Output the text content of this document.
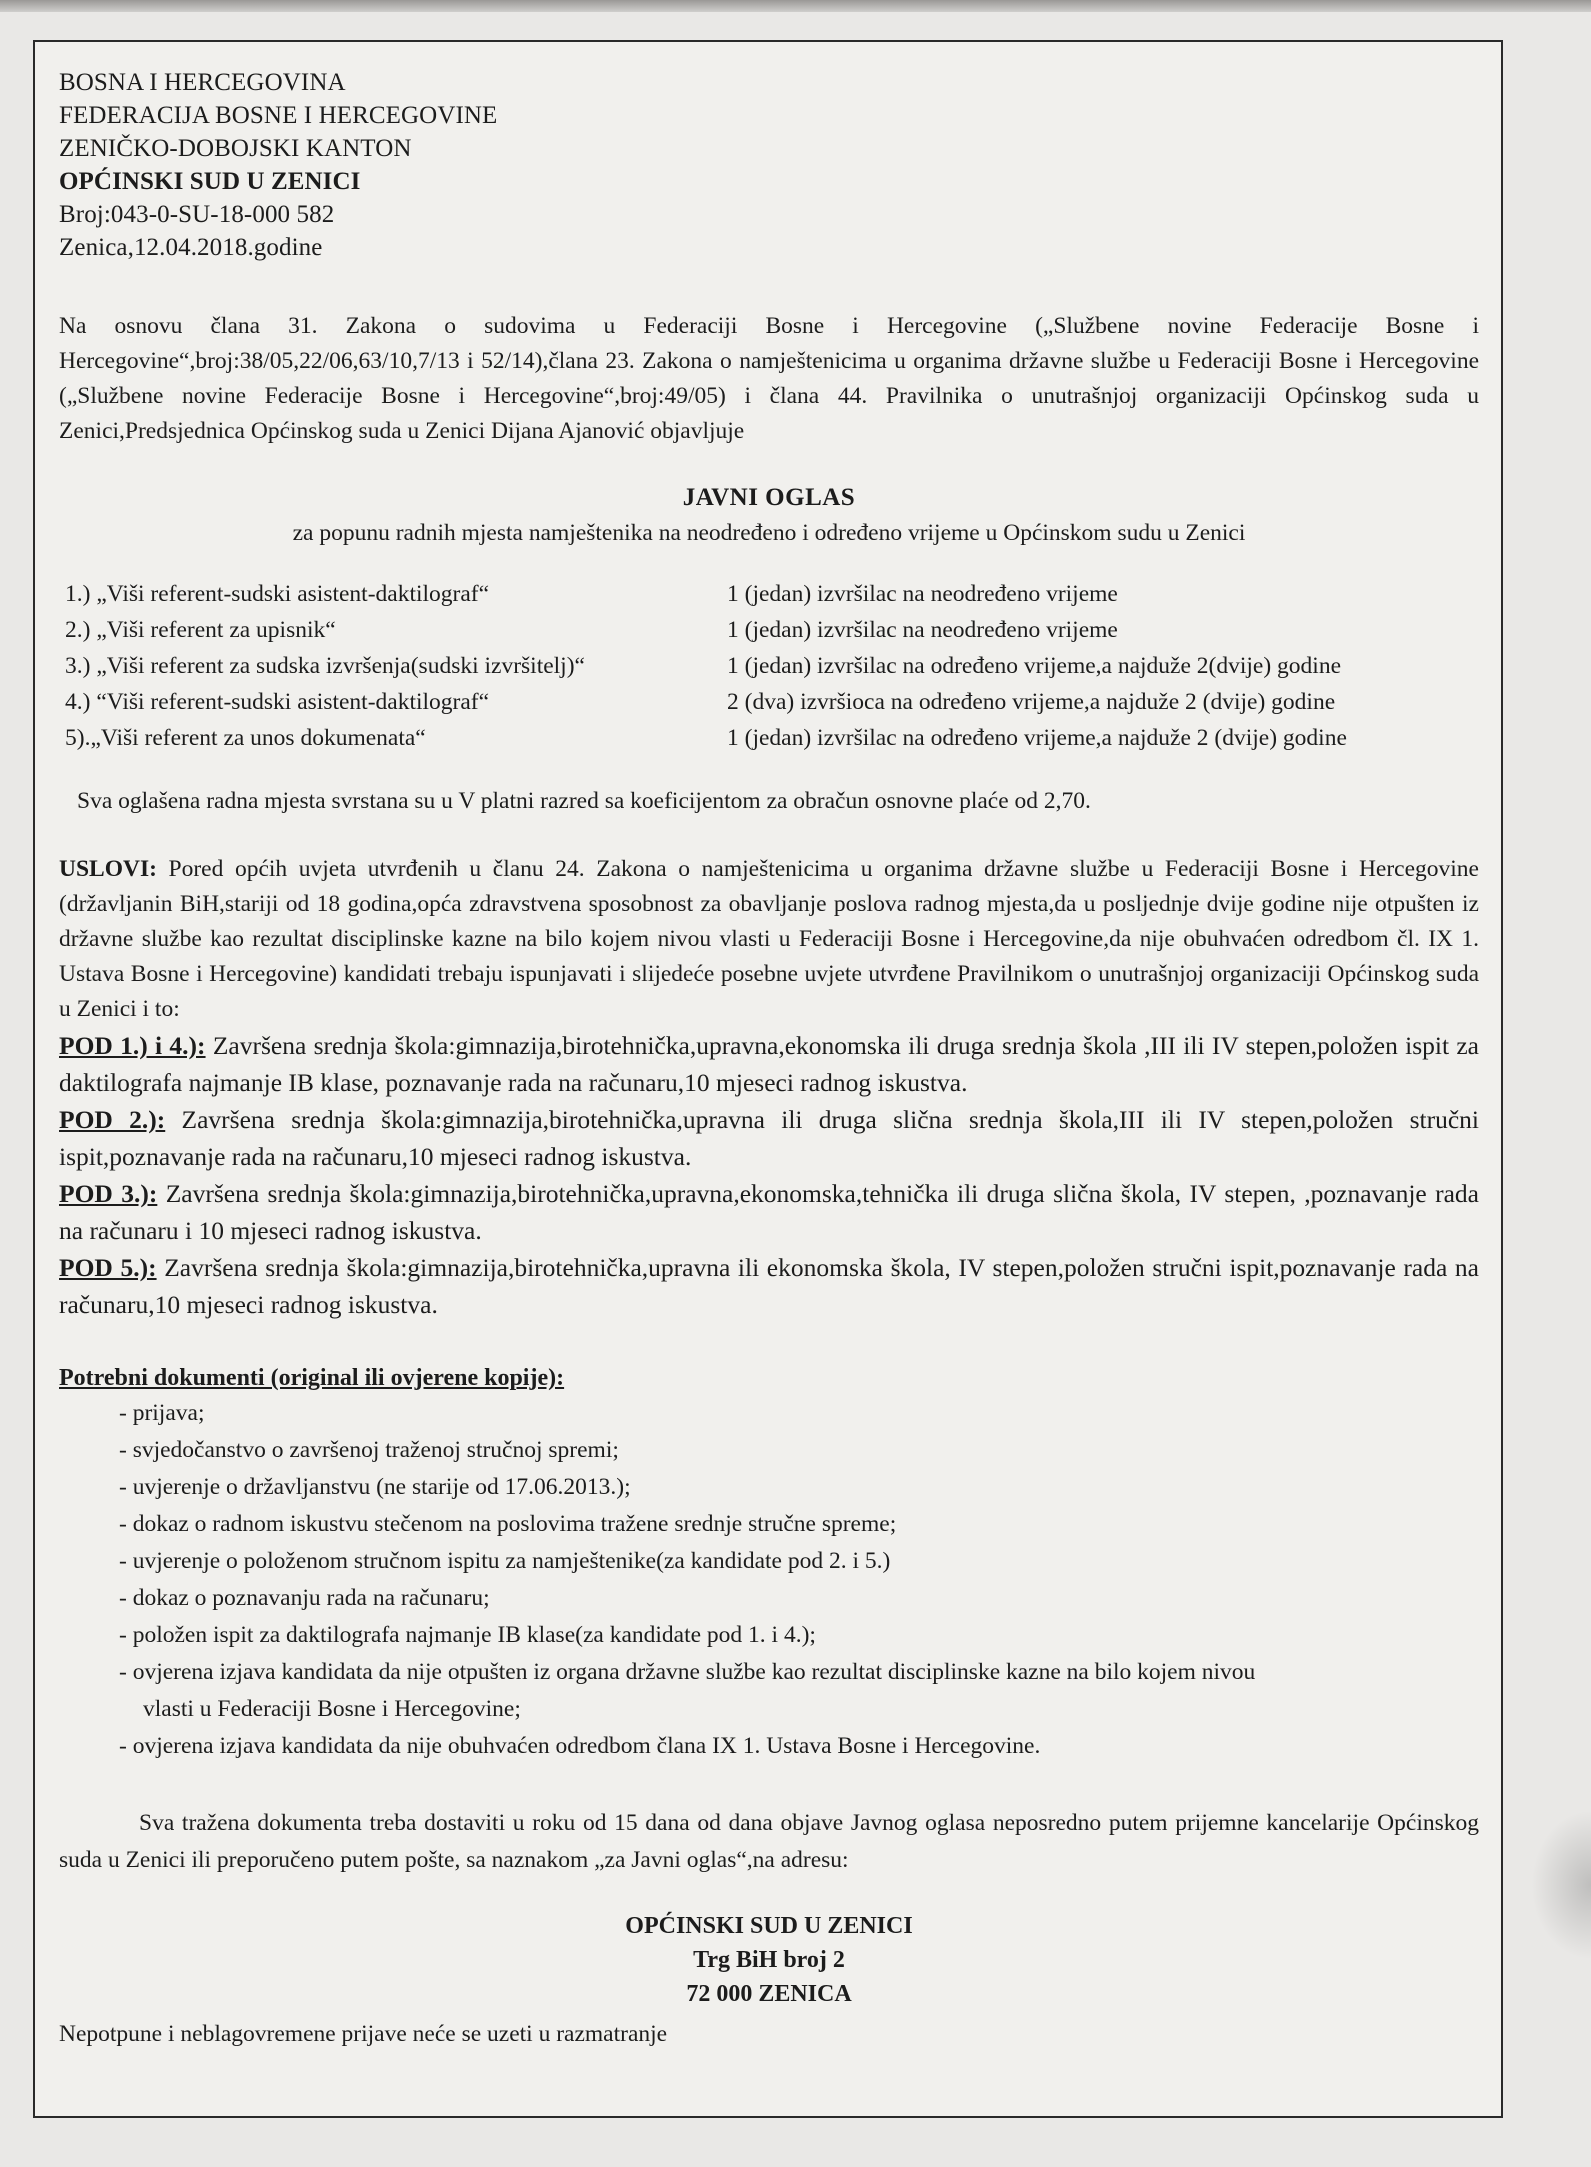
BOSNA I HERCEGOVINA
FEDERACIJA BOSNE I HERCEGOVINE
ZENIČKO-DOBOJSKI KANTON
OPĆINSKI SUD U ZENICI
Broj:043-0-SU-18-000 582
Zenica,12.04.2018.godine

Na osnovu člana 31. Zakona o sudovima u Federaciji Bosne i Hercegovine („Službene novine Federacije Bosne i Hercegovine“,broj:38/05,22/06,63/10,7/13 i 52/14),člana 23. Zakona o namještenicima u organima državne službe u Federaciji Bosne i Hercegovine („Službene novine Federacije Bosne i Hercegovine“,broj:49/05) i člana 44. Pravilnika o unutrašnjoj organizaciji Općinskog suda u Zenici,Predsjednica Općinskog suda u Zenici Dijana Ajanović objavljuje

JAVNI OGLAS
za popunu radnih mjesta namještenika na neodređeno i određeno vrijeme u Općinskom sudu u Zenici
1.) „Viši referent-sudski asistent-daktilograf“	1 (jedan) izvršilac na neodređeno vrijeme
2.) „Viši referent za upisnik“	1 (jedan) izvršilac na neodređeno vrijeme
3.) „Viši referent za sudska izvršenja(sudski izvršitelj)“	1 (jedan) izvršilac na određeno vrijeme,a najduže 2(dvije) godine
4.) “Viši referent-sudski asistent-daktilograf“	2 (dva) izvršioca na određeno vrijeme,a najduže 2 (dvije) godine
5).„Viši referent za unos dokumenata“	1 (jedan) izvršilac na određeno vrijeme,a najduže 2 (dvije) godine

Sva oglašena radna mjesta svrstana su u V platni razred sa koeficijentom za obračun osnovne plaće od 2,70.

USLOVI: Pored općih uvjeta utvrđenih u članu 24. Zakona o namještenicima u organima državne službe u Federaciji Bosne i Hercegovine (državljanin BiH,stariji od 18 godina,opća zdravstvena sposobnost za obavljanje poslova radnog mjesta,da u posljednje dvije godine nije otpušten iz državne službe kao rezultat disciplinske kazne na bilo kojem nivou vlasti u Federaciji Bosne i Hercegovine,da nije obuhvaćen odredbom čl. IX 1. Ustava Bosne i Hercegovine) kandidati trebaju ispunjavati i slijedeće posebne uvjete utvrđene Pravilnikom o unutrašnjoj organizaciji Općinskog suda u Zenici i to:

POD 1.) i 4.): Završena srednja škola:gimnazija,birotehnička,upravna,ekonomska ili druga srednja škola ,III ili IV stepen,položen ispit za daktilografa najmanje IB klase, poznavanje rada na računaru,10 mjeseci radnog iskustva.

POD 2.): Završena srednja škola:gimnazija,birotehnička,upravna ili druga slična srednja škola,III ili IV stepen,položen stručni ispit,poznavanje rada na računaru,10 mjeseci radnog iskustva.

POD 3.): Završena srednja škola:gimnazija,birotehnička,upravna,ekonomska,tehnička ili druga slična škola, IV stepen, ,poznavanje rada na računaru i 10 mjeseci radnog iskustva.

POD 5.): Završena srednja škola:gimnazija,birotehnička,upravna ili ekonomska škola, IV stepen,položen stručni ispit,poznavanje rada na računaru,10 mjeseci radnog iskustva.

Potrebni dokumenti (original ili ovjerene kopije):
- prijava;
- svjedočanstvo o završenoj traženoj stručnoj spremi;
- uvjerenje o državljanstvu (ne starije od 17.06.2013.);
- dokaz o radnom iskustvu stečenom na poslovima tražene srednje stručne spreme;
- uvjerenje o položenom stručnom ispitu za namještenike(za kandidate pod 2. i 5.)
- dokaz o poznavanju rada na računaru;
- položen ispit za daktilografa najmanje IB klase(za kandidate pod 1. i 4.);
- ovjerena izjava kandidata da nije otpušten iz organa državne službe kao rezultat disciplinske kazne na bilo kojem nivou
vlasti u Federaciji Bosne i Hercegovine;
- ovjerena izjava kandidata da nije obuhvaćen odredbom člana IX 1. Ustava Bosne i Hercegovine.

Sva tražena dokumenta treba dostaviti u roku od 15 dana od dana objave Javnog oglasa neposredno putem prijemne kancelarije Općinskog suda u Zenici ili preporučeno putem pošte, sa naznakom „za Javni oglas“,na adresu:

OPĆINSKI SUD U ZENICI
Trg BiH broj 2
72 000 ZENICA
Nepotpune i neblagovremene prijave neće se uzeti u razmatranje
